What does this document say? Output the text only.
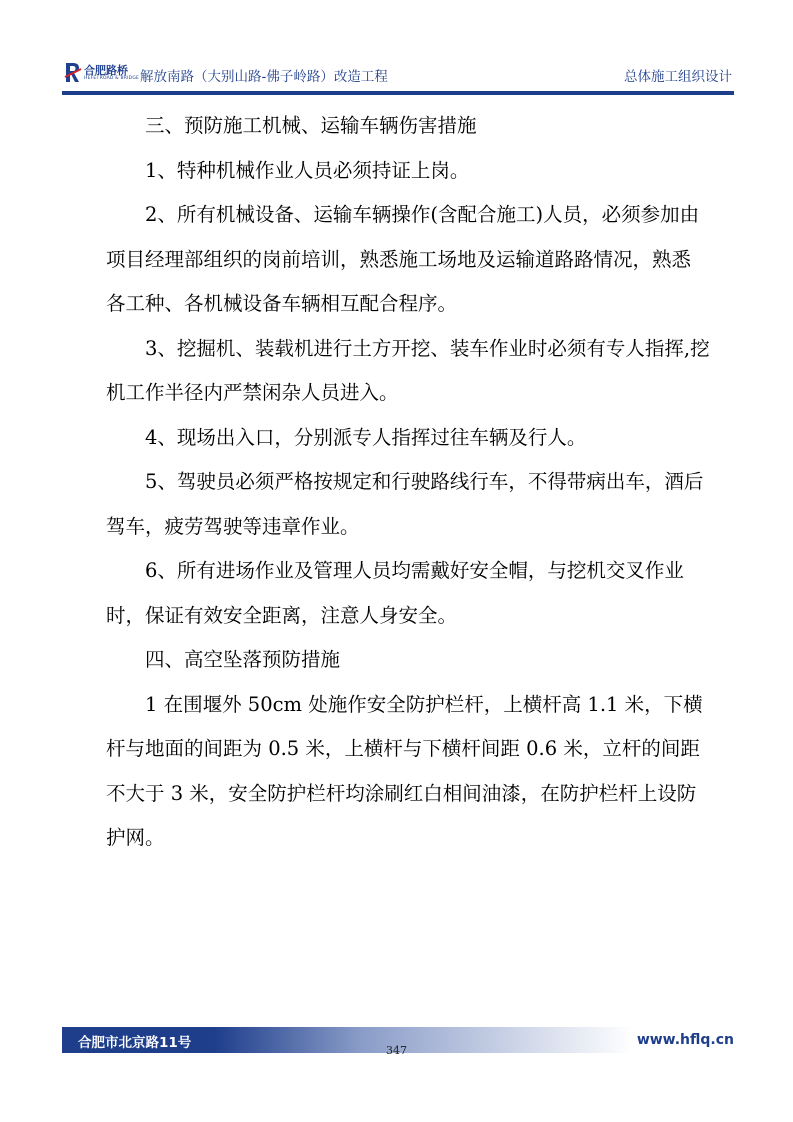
合肥路桥
HEFEI ROAD & BRIDGE 解放南路（大别山路-佛子岭路）改造工程	总体施工组织设计

三、预防施工机械、运输车辆伤害措施

1、特种机械作业人员必须持证上岗。

2、所有机械设备、运输车辆操作(含配合施工)人员，必须参加由项目经理部组织的岗前培训，熟悉施工场地及运输道路路情况，熟悉各工种、各机械设备车辆相互配合程序。

3、挖掘机、装载机进行土方开挖、装车作业时必须有专人指挥,挖机工作半径内严禁闲杂人员进入。

4、现场出入口，分别派专人指挥过往车辆及行人。

5、驾驶员必须严格按规定和行驶路线行车，不得带病出车，酒后驾车，疲劳驾驶等违章作业。

6、所有进场作业及管理人员均需戴好安全帽，与挖机交叉作业时，保证有效安全距离，注意人身安全。

四、高空坠落预防措施

1 在围堰外 50cm 处施作安全防护栏杆，上横杆高 1.1 米，下横杆与地面的间距为 0.5 米，上横杆与下横杆间距 0.6 米，立杆的间距不大于 3 米，安全防护栏杆均涂刷红白相间油漆，在防护栏杆上设防护网。

合肥市北京路11号	www.hflq.cn
347
